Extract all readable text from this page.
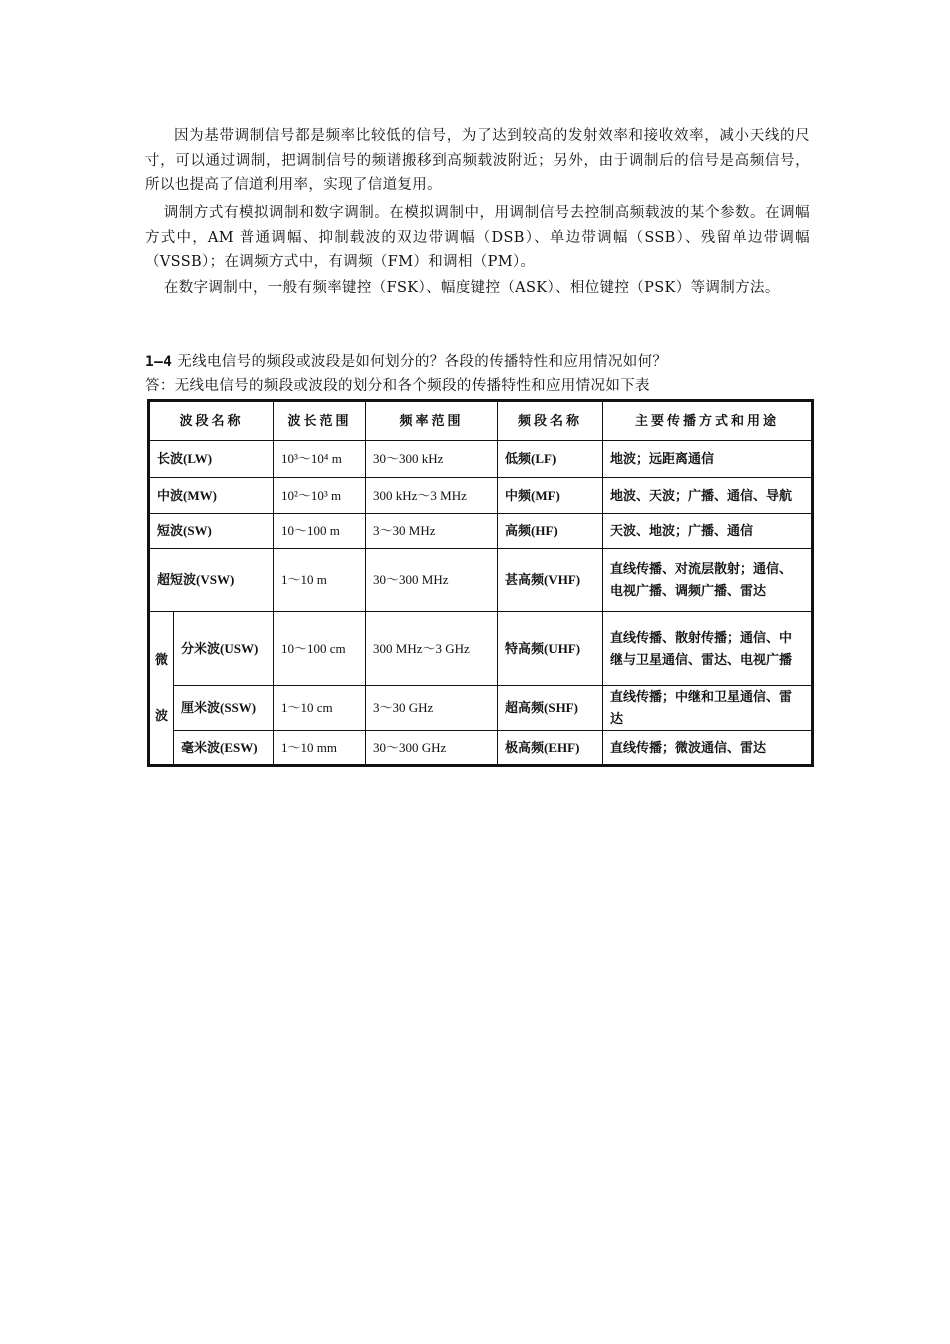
因为基带调制信号都是频率比较低的信号，为了达到较高的发射效率和接收效率，减小天线的尺寸，可以通过调制，把调制信号的频谱搬移到高频载波附近；另外，由于调制后的信号是高频信号，所以也提高了信道利用率，实现了信道复用。

调制方式有模拟调制和数字调制。在模拟调制中，用调制信号去控制高频载波的某个参数。在调幅方式中，AM 普通调幅、抑制载波的双边带调幅（DSB）、单边带调幅（SSB）、残留单边带调幅（VSSB）；在调频方式中，有调频（FM）和调相（PM）。

在数字调制中，一般有频率键控（FSK）、幅度键控（ASK）、相位键控（PSK）等调制方法。

1—4 无线电信号的频段或波段是如何划分的？各段的传播特性和应用情况如何？

答：无线电信号的频段或波段的划分和各个频段的传播特性和应用情况如下表

波段名称		波长范围	频率范围	频段名称	主要传播方式和用途
长波(LW)		10³～10⁴ m	30～300 kHz	低频(LF)	地波；远距离通信
中波(MW)		10²～10³ m	300 kHz～3 MHz	中频(MF)	地波、天波；广播、通信、导航
短波(SW)		10～100 m	3～30 MHz	高频(HF)	天波、地波；广播、通信
超短波(VSW)		1～10 m	30～300 MHz	甚高频(VHF)	直线传播、对流层散射；通信、电视广播、调频广播、雷达

微
波	分米波(USW)	10～100 cm	300 MHz～3 GHz	特高频(UHF)	直线传播、散射传播；通信、中继与卫星通信、雷达、电视广播
	厘米波(SSW)	1～10 cm	3～30 GHz	超高频(SHF)	直线传播；中继和卫星通信、雷达
	毫米波(ESW)	1～10 mm	30～300 GHz	极高频(EHF)	直线传播；微波通信、雷达
